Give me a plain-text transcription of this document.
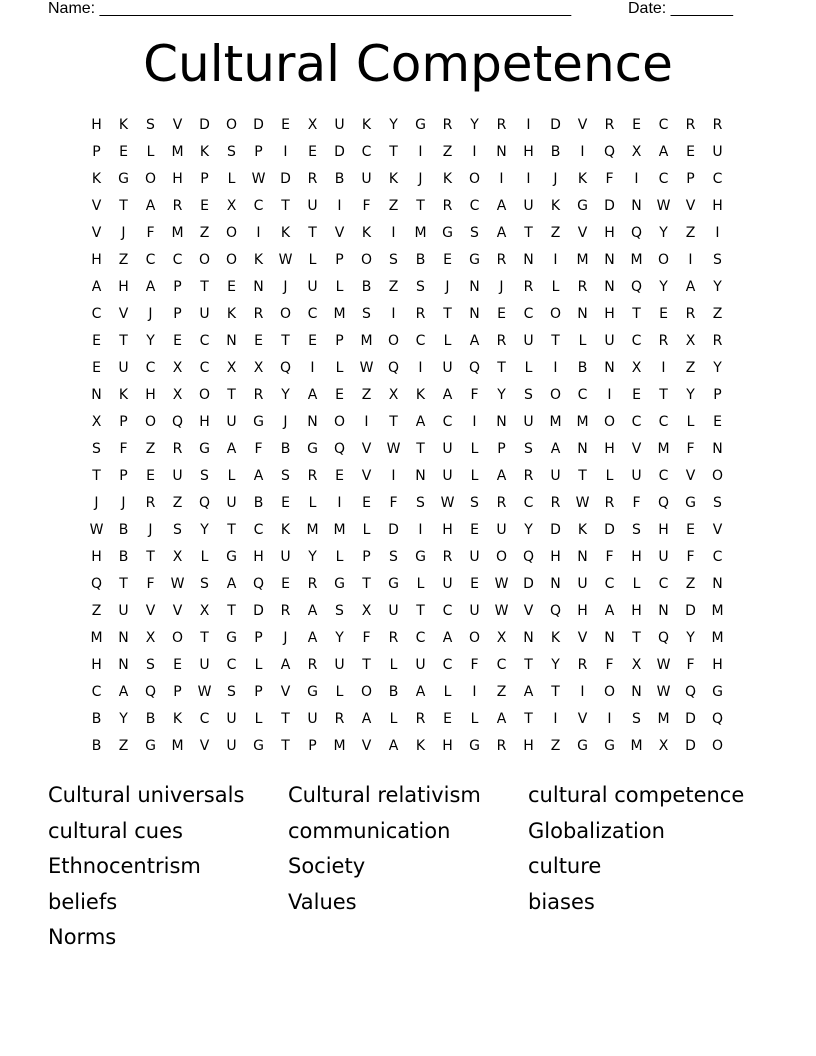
Name: _____________________________________________________	Date: _______
Cultural Competence
H	K	S	V	D	O	D	E	X	U	K	Y	G	R	Y	R	I	D	V	R	E	C	R	R
P	E	L	M	K	S	P	I	E	D	C	T	I	Z	I	N	H	B	I	Q	X	A	E	U
K	G	O	H	P	L	W	D	R	B	U	K	J	K	O	I	I	J	K	F	I	C	P	C
V	T	A	R	E	X	C	T	U	I	F	Z	T	R	C	A	U	K	G	D	N	W	V	H
V	J	F	M	Z	O	I	K	T	V	K	I	M	G	S	A	T	Z	V	H	Q	Y	Z	I
H	Z	C	C	O	O	K	W	L	P	O	S	B	E	G	R	N	I	M	N	M	O	I	S
A	H	A	P	T	E	N	J	U	L	B	Z	S	J	N	J	R	L	R	N	Q	Y	A	Y
C	V	J	P	U	K	R	O	C	M	S	I	R	T	N	E	C	O	N	H	T	E	R	Z
E	T	Y	E	C	N	E	T	E	P	M	O	C	L	A	R	U	T	L	U	C	R	X	R
E	U	C	X	C	X	X	Q	I	L	W	Q	I	U	Q	T	L	I	B	N	X	I	Z	Y
N	K	H	X	O	T	R	Y	A	E	Z	X	K	A	F	Y	S	O	C	I	E	T	Y	P
X	P	O	Q	H	U	G	J	N	O	I	T	A	C	I	N	U	M	M	O	C	C	L	E
S	F	Z	R	G	A	F	B	G	Q	V	W	T	U	L	P	S	A	N	H	V	M	F	N
T	P	E	U	S	L	A	S	R	E	V	I	N	U	L	A	R	U	T	L	U	C	V	O
J	J	R	Z	Q	U	B	E	L	I	E	F	S	W	S	R	C	R	W	R	F	Q	G	S
W	B	J	S	Y	T	C	K	M	M	L	D	I	H	E	U	Y	D	K	D	S	H	E	V
H	B	T	X	L	G	H	U	Y	L	P	S	G	R	U	O	Q	H	N	F	H	U	F	C
Q	T	F	W	S	A	Q	E	R	G	T	G	L	U	E	W	D	N	U	C	L	C	Z	N
Z	U	V	V	X	T	D	R	A	S	X	U	T	C	U	W	V	Q	H	A	H	N	D	M
M	N	X	O	T	G	P	J	A	Y	F	R	C	A	O	X	N	K	V	N	T	Q	Y	M
H	N	S	E	U	C	L	A	R	U	T	L	U	C	F	C	T	Y	R	F	X	W	F	H
C	A	Q	P	W	S	P	V	G	L	O	B	A	L	I	Z	A	T	I	O	N	W	Q	G
B	Y	B	K	C	U	L	T	U	R	A	L	R	E	L	A	T	I	V	I	S	M	D	Q
B	Z	G	M	V	U	G	T	P	M	V	A	K	H	G	R	H	Z	G	G	M	X	D	O
Cultural universals	Cultural relativism	cultural competence
cultural cues	communication	Globalization
Ethnocentrism	Society	culture
beliefs	Values	biases
Norms
